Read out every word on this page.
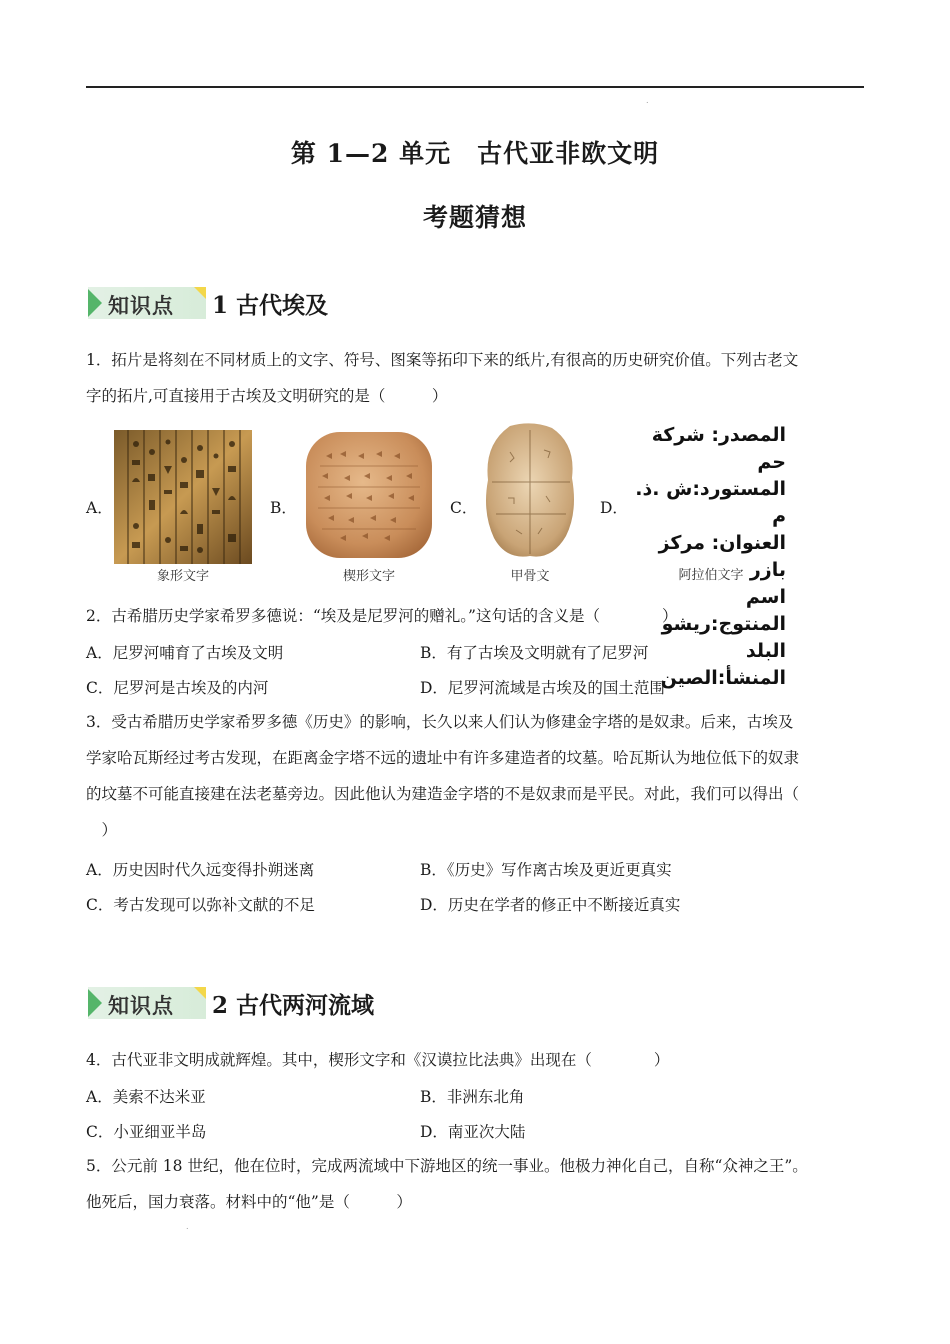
.
第 1—2 单元　古代亚非欧文明
考题猜想
知识点 1 古代埃及
1．拓片是将刻在不同材质上的文字、符号、图案等拓印下来的纸片,有很高的历史研究价值。下列古老文
字的拓片,可直接用于古埃及文明研究的是（　　　）
A．
象形文字
B．
楔形文字
C．
甲骨文
D．
المصدر: شركة حم
المستورد:ش .ذ. م
العنوان: مركز بازر
اسم المنتوج:ريشو
البلد المنشأ:الصين
阿拉伯文字
2．古希腊历史学家希罗多德说：“埃及是尼罗河的赠礼。”这句话的含义是（　　　　）
A．尼罗河哺育了古埃及文明	B．有了古埃及文明就有了尼罗河
C．尼罗河是古埃及的内河	D．尼罗河流域是古埃及的国土范围
3．受古希腊历史学家希罗多德《历史》的影响，长久以来人们认为修建金字塔的是奴隶。后来，古埃及
学家哈瓦斯经过考古发现，在距离金字塔不远的遗址中有许多建造者的坟墓。哈瓦斯认为地位低下的奴隶
的坟墓不可能直接建在法老墓旁边。因此他认为建造金字塔的不是奴隶而是平民。对此，我们可以得出（
　）
A．历史因时代久远变得扑朔迷离	B．《历史》写作离古埃及更近更真实
C．考古发现可以弥补文献的不足	D．历史在学者的修正中不断接近真实
知识点 2 古代两河流域
4．古代亚非文明成就辉煌。其中，楔形文字和《汉谟拉比法典》出现在（　　　　）
A．美索不达米亚	B．非洲东北角
C．小亚细亚半岛	D．南亚次大陆
5．公元前 18 世纪，他在位时，完成两流域中下游地区的统一事业。他极力神化自己，自称“众神之王”。
他死后，国力衰落。材料中的“他”是（　　　）
.
